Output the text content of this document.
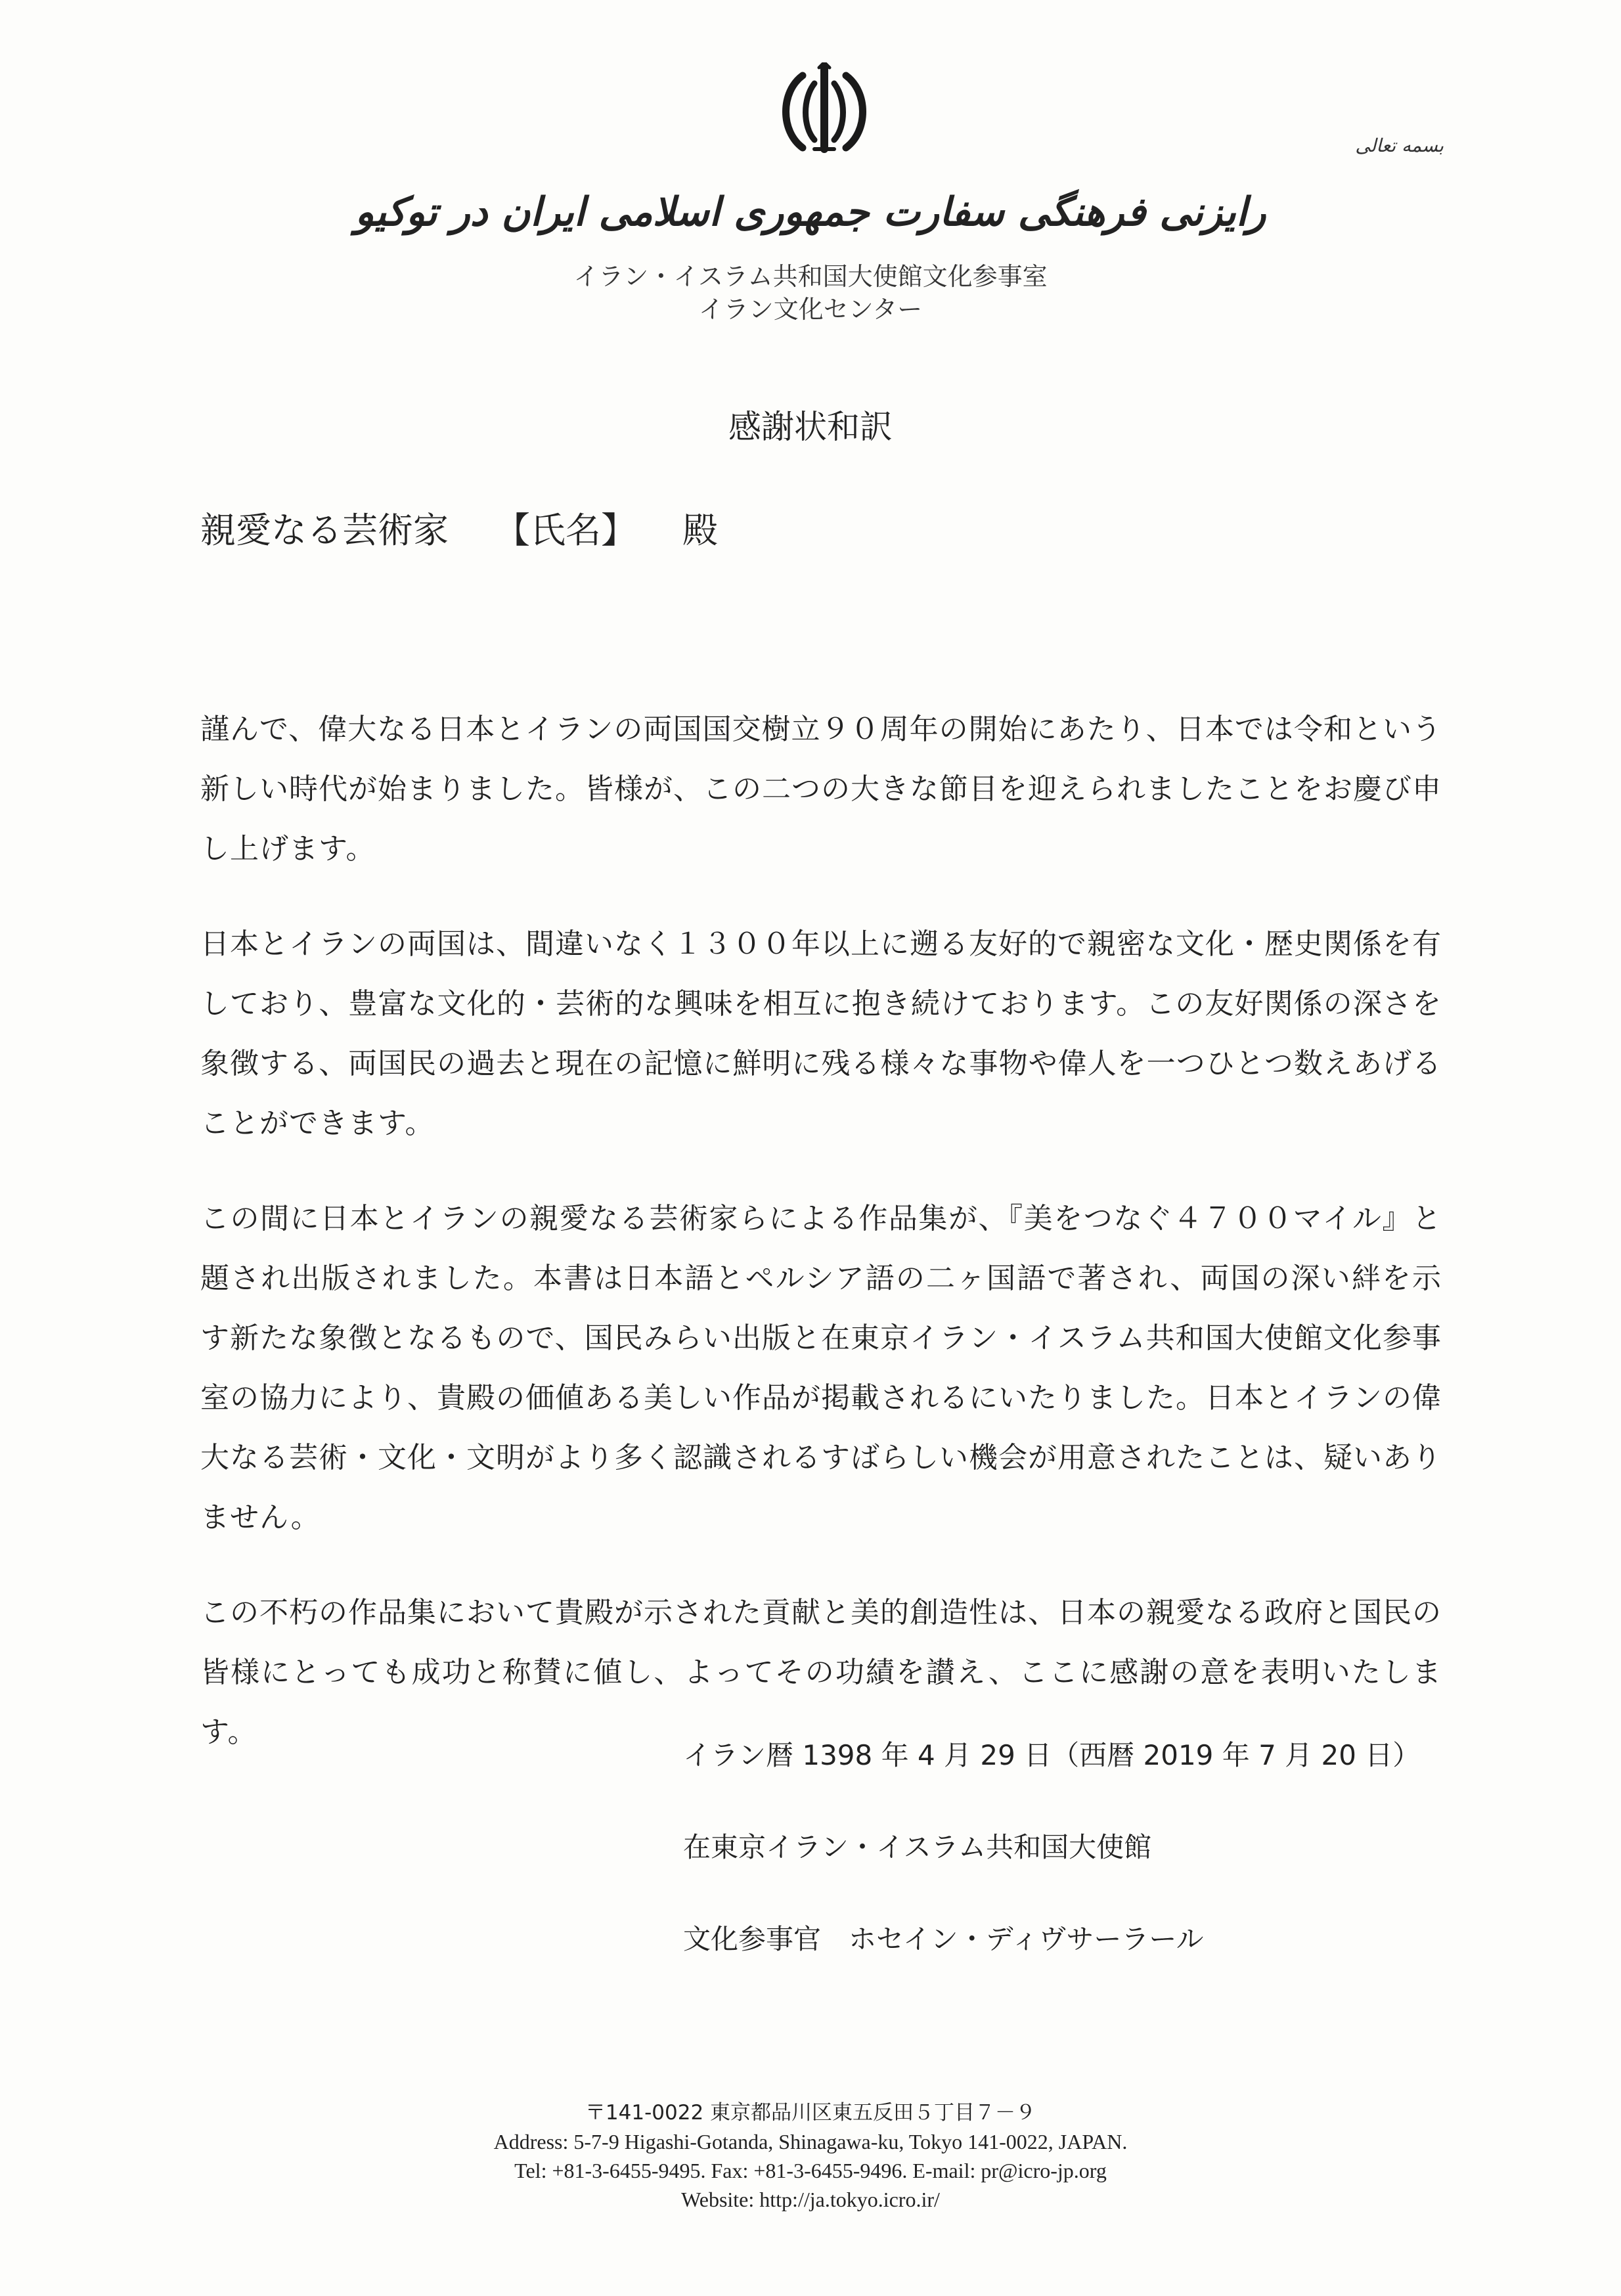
بسمه تعالی
رایزنی فرهنگی سفارت جمهوری اسلامی ایران در توکیو
イラン・イスラム共和国大使館文化参事室
イラン文化センター
感謝状和訳
親愛なる芸術家 【氏名】 殿

謹んで、偉大なる日本とイランの両国国交樹立９０周年の開始にあたり、日本では令和という新しい時代が始まりました。皆様が、この二つの大きな節目を迎えられましたことをお慶び申し上げます。

日本とイランの両国は、間違いなく１３００年以上に遡る友好的で親密な文化・歴史関係を有しており、豊富な文化的・芸術的な興味を相互に抱き続けております。この友好関係の深さを象徴する、両国民の過去と現在の記憶に鮮明に残る様々な事物や偉人を一つひとつ数えあげることができます。

この間に日本とイランの親愛なる芸術家らによる作品集が、『美をつなぐ４７００マイル』と題され出版されました。本書は日本語とペルシア語の二ヶ国語で著され、両国の深い絆を示す新たな象徴となるもので、国民みらい出版と在東京イラン・イスラム共和国大使館文化参事室の協力により、貴殿の価値ある美しい作品が掲載されるにいたりました。日本とイランの偉大なる芸術・文化・文明がより多く認識されるすばらしい機会が用意されたことは、疑いありません。

この不朽の作品集において貴殿が示された貢献と美的創造性は、日本の親愛なる政府と国民の皆様にとっても成功と称賛に値し、よってその功績を讃え、ここに感謝の意を表明いたします。

イラン暦 1398 年 4 月 29 日（西暦 2019 年 7 月 20 日）
在東京イラン・イスラム共和国大使館
文化参事官　ホセイン・ディヴサーラール
〒141-0022 東京都品川区東五反田５丁目７－９
Address: 5-7-9 Higashi-Gotanda, Shinagawa-ku, Tokyo 141-0022, JAPAN.
Tel: +81-3-6455-9495. Fax: +81-3-6455-9496. E-mail: pr@icro-jp.org
Website: http://ja.tokyo.icro.ir/
